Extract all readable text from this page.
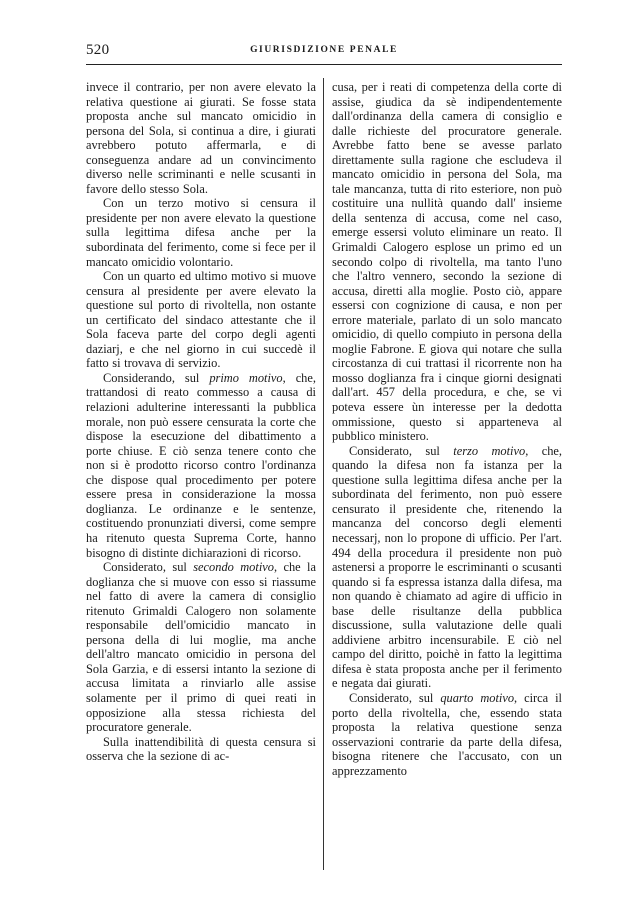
520	GIURISDIZIONE PENALE

invece il contrario, per non avere elevato la relativa questione ai giurati. Se fosse stata proposta anche sul mancato omicidio in persona del Sola, si continua a dire, i giurati avrebbero potuto affermarla, e di conseguenza andare ad un convincimento diverso nelle scriminanti e nelle scusanti in favore dello stesso Sola.

Con un terzo motivo si censura il presidente per non avere elevato la questione sulla legittima difesa anche per la subordinata del ferimento, come si fece per il mancato omicidio volontario.

Con un quarto ed ultimo motivo si muove censura al presidente per avere elevato la questione sul porto di rivoltella, non ostante un certificato del sindaco attestante che il Sola faceva parte del corpo degli agenti daziarj, e che nel giorno in cui succedè il fatto si trovava di servizio.

Considerando, sul primo motivo, che, trattandosi di reato commesso a causa di relazioni adulterine interessanti la pubblica morale, non può essere censurata la corte che dispose la esecuzione del dibattimento a porte chiuse. E ciò senza tenere conto che non si è prodotto ricorso contro l'ordinanza che dispose qual procedimento per potere essere presa in considerazione la mossa doglianza. Le ordinanze e le sentenze, costituendo pronunziati diversi, come sempre ha ritenuto questa Suprema Corte, hanno bisogno di distinte dichiarazioni di ricorso.

Considerato, sul secondo motivo, che la doglianza che si muove con esso si riassume nel fatto di avere la camera di consiglio ritenuto Grimaldi Calogero non solamente responsabile dell'omicidio mancato in persona della di lui moglie, ma anche dell'altro mancato omicidio in persona del Sola Garzia, e di essersi intanto la sezione di accusa limitata a rinviarlo alle assise solamente per il primo di quei reati in opposizione alla stessa richiesta del procuratore generale.

Sulla inattendibilità di questa censura si osserva che la sezione di ac-

cusa, per i reati di competenza della corte di assise, giudica da sè indipendentemente dall'ordinanza della camera di consiglio e dalle richieste del procuratore generale. Avrebbe fatto bene se avesse parlato direttamente sulla ragione che escludeva il mancato omicidio in persona del Sola, ma tale mancanza, tutta di rito esteriore, non può costituire una nullità quando dall' insieme della sentenza di accusa, come nel caso, emerge essersi voluto eliminare un reato. Il Grimaldi Calogero esplose un primo ed un secondo colpo di rivoltella, ma tanto l'uno che l'altro vennero, secondo la sezione di accusa, diretti alla moglie. Posto ciò, appare essersi con cognizione di causa, e non per errore materiale, parlato di un solo mancato omicidio, di quello compiuto in persona della moglie Fabrone. E giova qui notare che sulla circostanza di cui trattasi il ricorrente non ha mosso doglianza fra i cinque giorni designati dall'art. 457 della procedura, e che, se vi poteva essere ùn interesse per la dedotta ommissione, questo si apparteneva al pubblico ministero.

Considerato, sul terzo motivo, che, quando la difesa non fa istanza per la questione sulla legittima difesa anche per la subordinata del ferimento, non può essere censurato il presidente che, ritenendo la mancanza del concorso degli elementi necessarj, non lo propone di ufficio. Per l'art. 494 della procedura il presidente non può astenersi a proporre le escriminanti o scusanti quando si fa espressa istanza dalla difesa, ma non quando è chiamato ad agire di ufficio in base delle risultanze della pubblica discussione, sulla valutazione delle quali addiviene arbitro incensurabile. E ciò nel campo del diritto, poichè in fatto la legittima difesa è stata proposta anche per il ferimento e negata dai giurati.

Considerato, sul quarto motivo, circa il porto della rivoltella, che, essendo stata proposta la relativa questione senza osservazioni contrarie da parte della difesa, bisogna ritenere che l'accusato, con un apprezzamento
